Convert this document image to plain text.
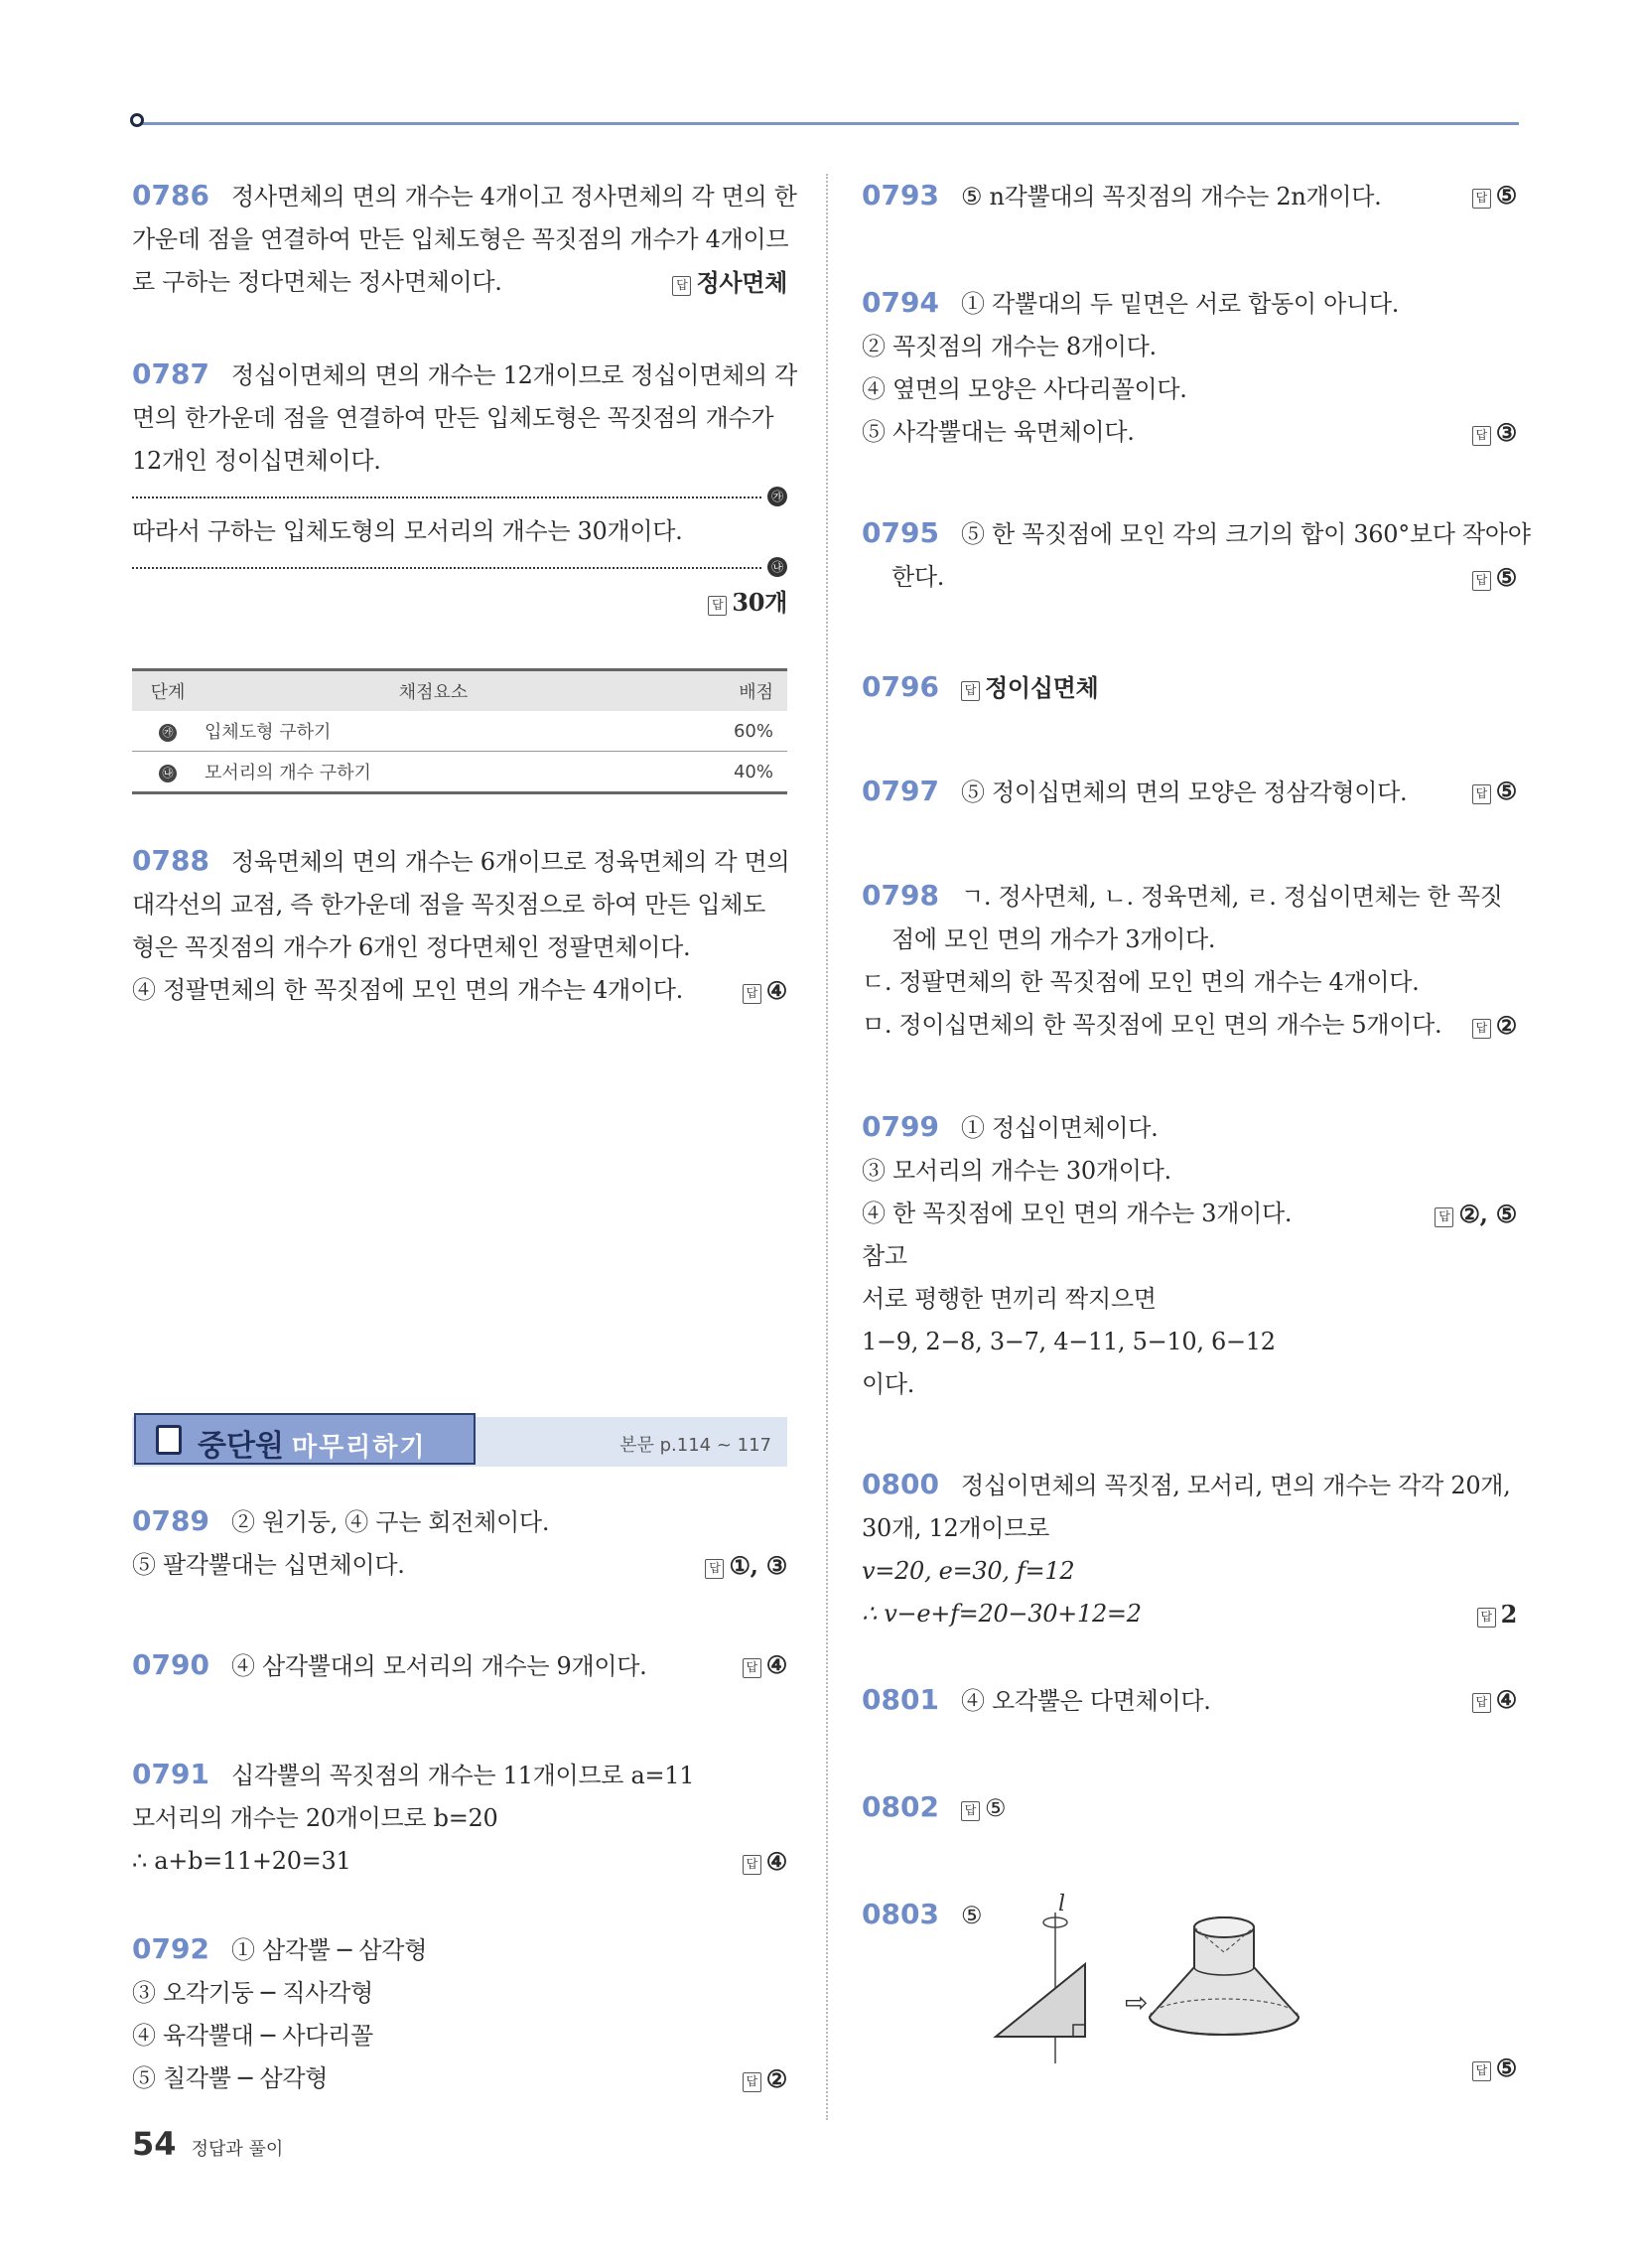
0786 정사면체의 면의 개수는 4개이고 정사면체의 각 면의 한
가운데 점을 연결하여 만든 입체도형은 꼭짓점의 개수가 4개이므
로 구하는 정다면체는 정사면체이다.	답 정사면체
0787 정십이면체의 면의 개수는 12개이므로 정십이면체의 각
면의 한가운데 점을 연결하여 만든 입체도형은 꼭짓점의 개수가
12개인 정이십면체이다.
㉮
따라서 구하는 입체도형의 모서리의 개수는 30개이다.
㉯
답 30개
단계	채점요소	배점
㉮	입체도형 구하기	60%
㉯	모서리의 개수 구하기	40%
0788 정육면체의 면의 개수는 6개이므로 정육면체의 각 면의
대각선의 교점, 즉 한가운데 점을 꼭짓점으로 하여 만든 입체도
형은 꼭짓점의 개수가 6개인 정다면체인 정팔면체이다.
④ 정팔면체의 한 꼭짓점에 모인 면의 개수는 4개이다.	답 ④
중단원 마무리하기	본문 p.114 ~ 117
0789 ② 원기둥, ④ 구는 회전체이다.
⑤ 팔각뿔대는 십면체이다.	답 ①, ③
0790 ④ 삼각뿔대의 모서리의 개수는 9개이다.	답 ④
0791 십각뿔의 꼭짓점의 개수는 11개이므로 a=11
모서리의 개수는 20개이므로 b=20
∴ a+b=11+20=31	답 ④
0792 ① 삼각뿔 ─ 삼각형
③ 오각기둥 ─ 직사각형
④ 육각뿔대 ─ 사다리꼴
⑤ 칠각뿔 ─ 삼각형	답 ②
0793 ⑤ n각뿔대의 꼭짓점의 개수는 2n개이다.	답 ⑤
0794 ① 각뿔대의 두 밑면은 서로 합동이 아니다.
② 꼭짓점의 개수는 8개이다.
④ 옆면의 모양은 사다리꼴이다.
⑤ 사각뿔대는 육면체이다.	답 ③
0795 ⑤ 한 꼭짓점에 모인 각의 크기의 합이 360°보다 작아야
한다.	답 ⑤
0796 답 정이십면체
0797 ⑤ 정이십면체의 면의 모양은 정삼각형이다.	답 ⑤
0798 ㄱ. 정사면체, ㄴ. 정육면체, ㄹ. 정십이면체는 한 꼭짓
점에 모인 면의 개수가 3개이다.
ㄷ. 정팔면체의 한 꼭짓점에 모인 면의 개수는 4개이다.
ㅁ. 정이십면체의 한 꼭짓점에 모인 면의 개수는 5개이다.	답 ②
0799 ① 정십이면체이다.
③ 모서리의 개수는 30개이다.
④ 한 꼭짓점에 모인 면의 개수는 3개이다.	답 ②, ⑤
참고
서로 평행한 면끼리 짝지으면
1−9, 2−8, 3−7, 4−11, 5−10, 6−12
이다.
0800 정십이면체의 꼭짓점, 모서리, 면의 개수는 각각 20개,
30개, 12개이므로
v=20, e=30, f=12
∴ v−e+f=20−30+12=2	답 2
0801 ④ 오각뿔은 다면체이다.	답 ④
0802 답 ⑤
0803 ⑤	l
⇨
답 ⑤
54 정답과 풀이
